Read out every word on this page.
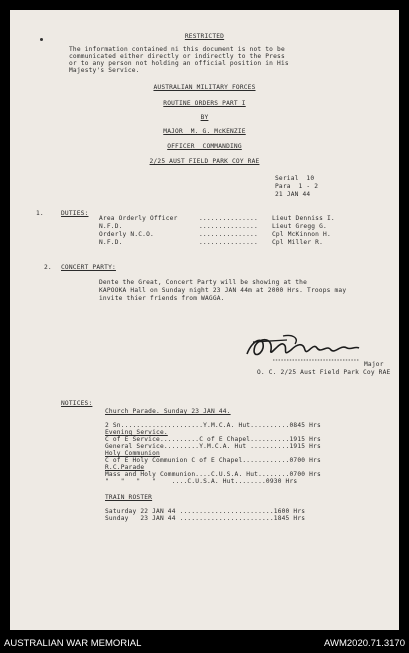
RESTRICTED
The information contained ni this document is not to be
communicated either directly or indirectly to the Press
or to any person not holding an official position in His
Majesty's Service.
AUSTRALIAN MILITARY FORCES
ROUTINE ORDERS PART I
BY
MAJOR  M. G. McKENZIE
OFFICER  COMMANDING
2/25 AUST FIELD PARK COY RAE
Serial  10
Para  1 - 2
21 JAN 44
1.	DUTIES:
Area Orderly Officer	............... Lieut Denniss I.
N.F.D.	............... Lieut Gregg G.
Orderly N.C.O.	............... Cpl McKinnon H.
N.F.D.	............... Cpl Miller R.
2. CONCERT PARTY:
Dente the Great, Concert Party will be showing at the
KAPOOKA Hall on Sunday night 23 JAN 44m at 2000 Hrs. Troops may
invite thier friends from WAGGA.
Major
O. C. 2/25 Aust Field Park Coy RAE
NOTICES:
Church Parade. Sunday 23 JAN 44.
2 Sn.....................Y.M.C.A. Hut..........0845 Hrs
Evening Service.
C of E Service..........C of E Chapel..........1915 Hrs
General Service.........Y.M.C.A. Hut ..........1915 Hrs
Holy Communion
C of E Holy Communion C of E Chapel............0700 Hrs
R.C.Parade
Mass and Holy Communion....C.U.S.A. Hut........0700 Hrs
"   "   "   "    ....C.U.S.A. Hut........0930 Hrs
TRAIN ROSTER
Saturday 22 JAN 44 ........................1600 Hrs
Sunday   23 JAN 44 ........................1845 Hrs
AUSTRALIAN WAR MEMORIAL	AWM2020.71.3170
